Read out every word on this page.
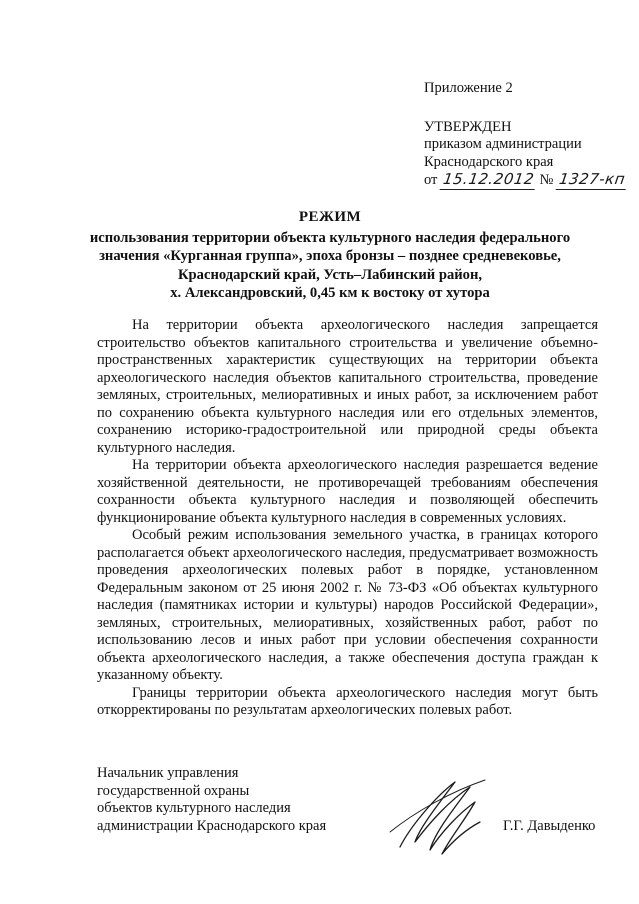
Приложение 2
УТВЕРЖДЕН
приказом администрации
Краснодарского края
от 15.12.2012 № 1327-кп
РЕЖИМ
использования территории объекта культурного наследия федерального
значения «Курганная группа», эпоха бронзы – позднее средневековье,
Краснодарский край, Усть–Лабинский район,
х. Александровский, 0,45 км к востоку от хутора

На территории объекта археологического наследия запрещается строительство объектов капитального строительства и увеличение объемно-пространственных характеристик существующих на территории объекта археологического наследия объектов капитального строительства, проведение земляных, строительных, мелиоративных и иных работ, за исключением работ по сохранению объекта культурного наследия или его отдельных элементов, сохранению историко-градостроительной или природной среды объекта культурного наследия.

На территории объекта археологического наследия разрешается ведение хозяйственной деятельности, не противоречащей требованиям обеспечения сохранности объекта культурного наследия и позволяющей обеспечить функционирование объекта культурного наследия в современных условиях.

Особый режим использования земельного участка, в границах которого располагается объект археологического наследия, предусматривает возможность проведения археологических полевых работ в порядке, установленном Федеральным законом от 25 июня 2002 г. № 73-ФЗ «Об объектах культурного наследия (памятниках истории и культуры) народов Российской Федерации», земляных, строительных, мелиоративных, хозяйственных работ, работ по использованию лесов и иных работ при условии обеспечения сохранности объекта археологического наследия, а также обеспечения доступа граждан к указанному объекту.

Границы территории объекта археологического наследия могут быть откорректированы по результатам археологических полевых работ.

Начальник управления
государственной охраны
объектов культурного наследия
администрации Краснодарского края	Г.Г. Давыденко
